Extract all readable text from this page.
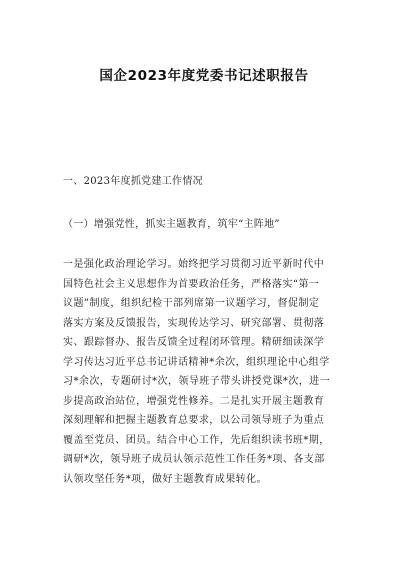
国企2023年度党委书记述职报告
一、2023年度抓党建工作情况
（一）增强党性，抓实主题教育，筑牢“主阵地”
一是强化政治理论学习。始终把学习贯彻习近平新时代中
国特色社会主义思想作为首要政治任务，严格落实“第一
议题”制度，组织纪检干部列席第一议题学习，督促制定
落实方案及反馈报告，实现传达学习、研究部署、贯彻落
实、跟踪督办、报告反馈全过程闭环管理。精研细读深学
学习传达习近平总书记讲话精神*余次，组织理论中心组学
习*余次，专题研讨*次，领导班子带头讲授党课*次，进一
步提高政治站位，增强党性修养。二是扎实开展主题教育
深刻理解和把握主题教育总要求，以公司领导班子为重点
覆盖至党员、团员。结合中心工作，先后组织读书班*期，
调研*次，领导班子成员认领示范性工作任务*项、各支部
认领攻坚任务*项，做好主题教育成果转化。
